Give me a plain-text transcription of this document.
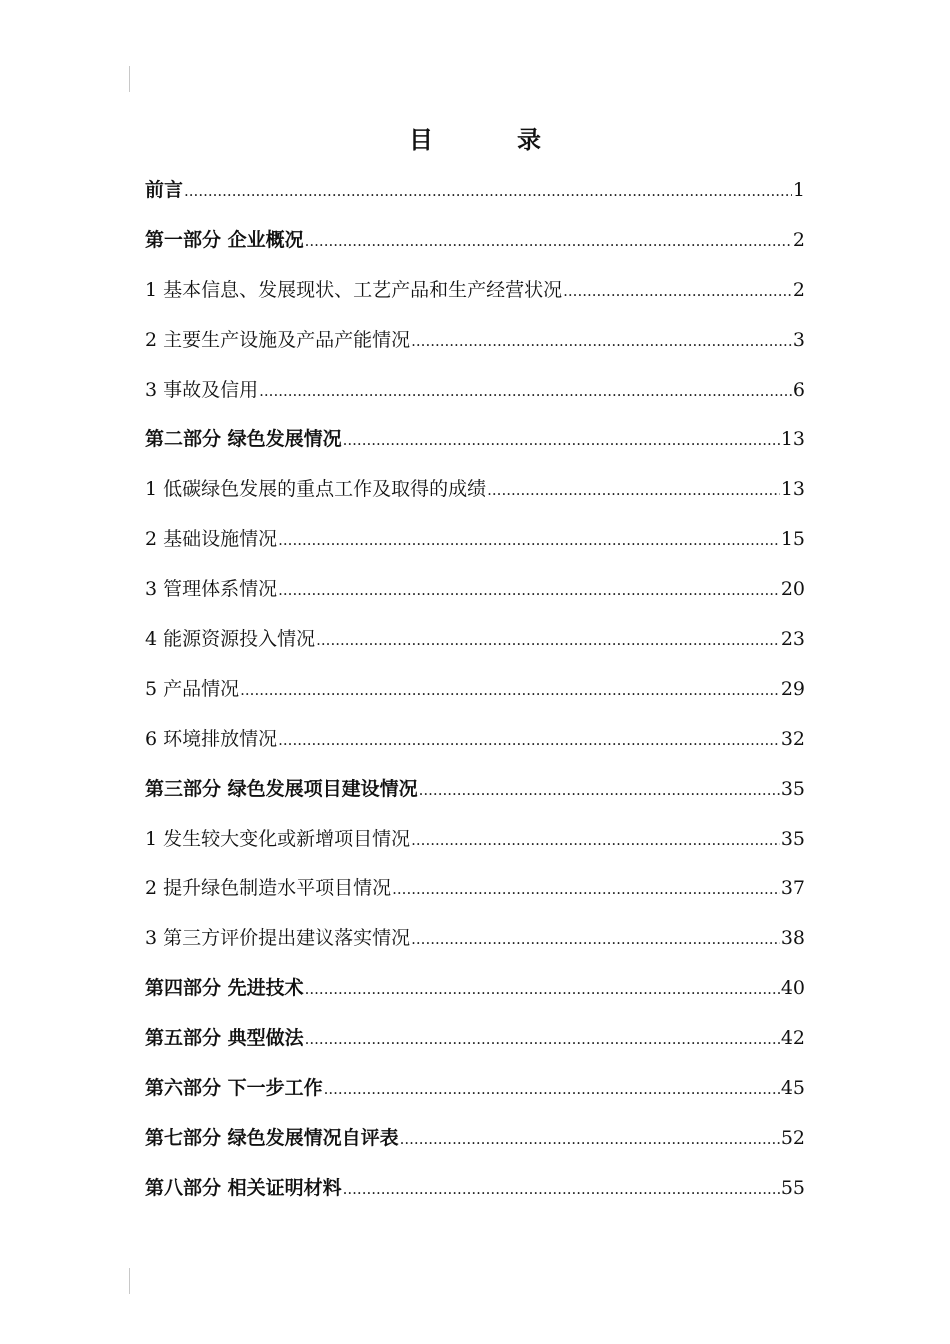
目　录
前言 .....	1
第一部分 企业概况 .....	2
1 基本信息、发展现状、工艺产品和生产经营状况 .....	2
2 主要生产设施及产品产能情况 .....	3
3 事故及信用 .....	6
第二部分 绿色发展情况 .....	13
1 低碳绿色发展的重点工作及取得的成绩 .....	13
2 基础设施情况 .....	15
3 管理体系情况 .....	20
4 能源资源投入情况 .....	23
5 产品情况 .....	29
6 环境排放情况 .....	32
第三部分 绿色发展项目建设情况 .....	35
1 发生较大变化或新增项目情况 .....	35
2 提升绿色制造水平项目情况 .....	37
3 第三方评价提出建议落实情况 .....	38
第四部分 先进技术 .....	40
第五部分 典型做法 .....	42
第六部分 下一步工作 .....	45
第七部分 绿色发展情况自评表 .....	52
第八部分 相关证明材料 .....	55
